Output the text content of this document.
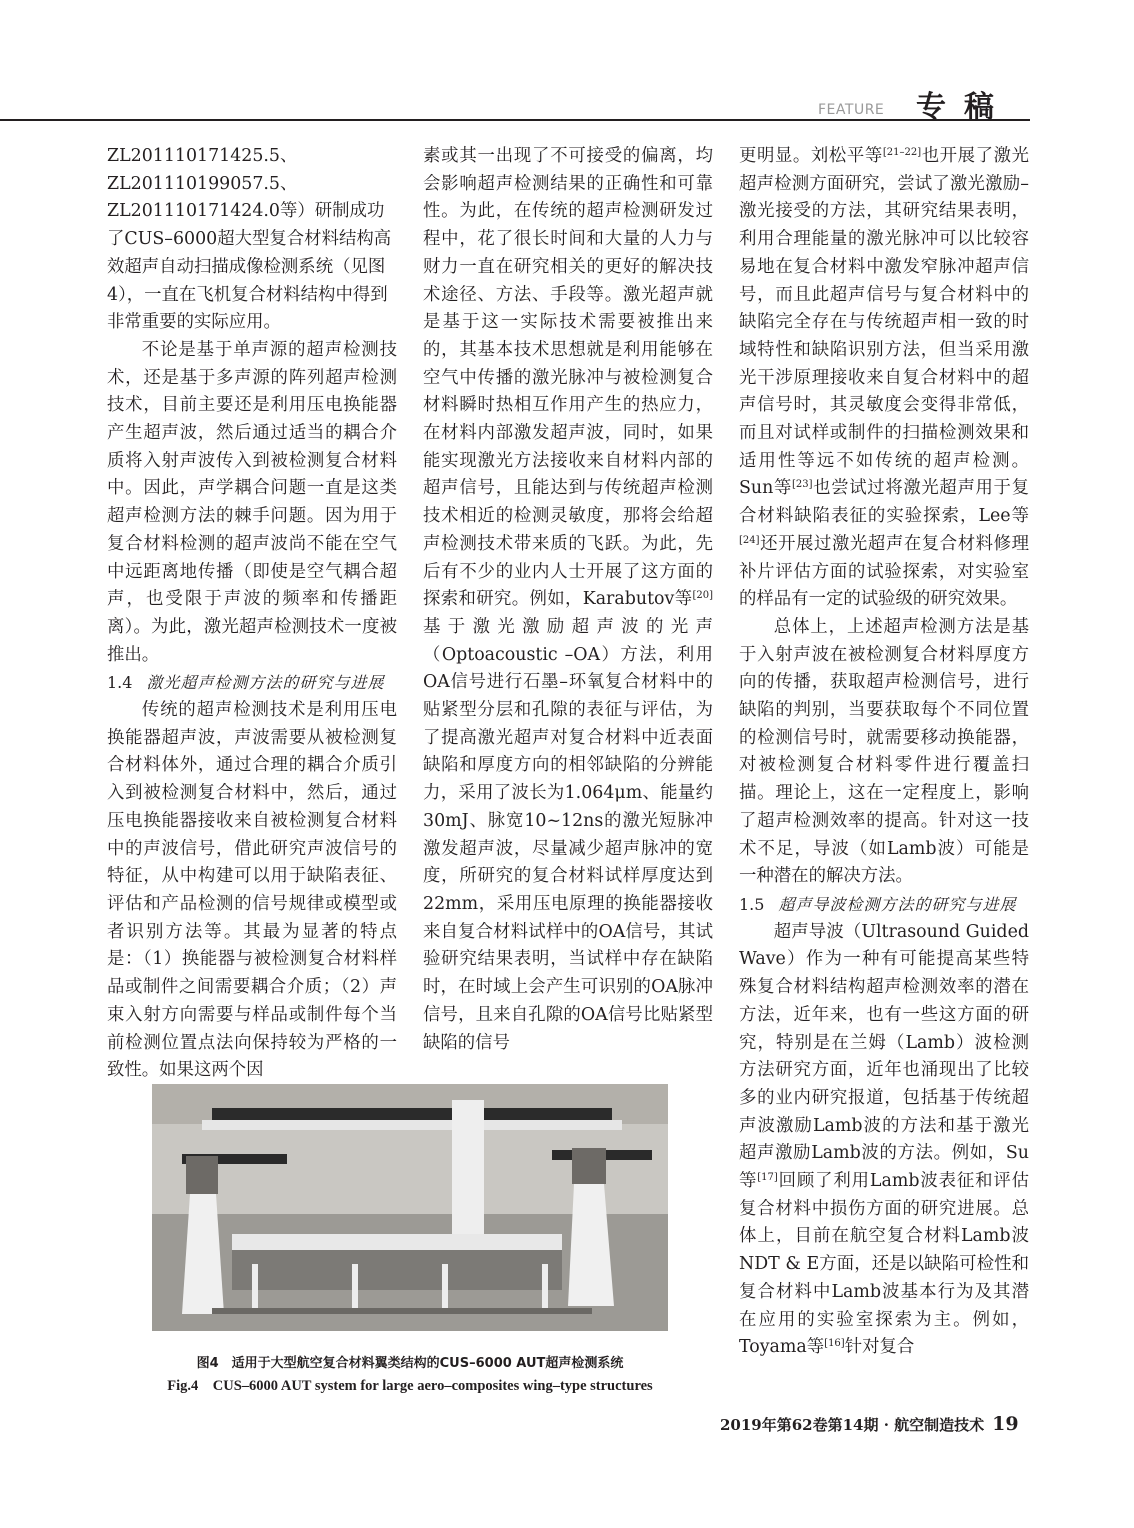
FEATURE 专稿

ZL201110171425.5、ZL201110199057.5、ZL201110171424.0等）研制成功了CUS–6000超大型复合材料结构高效超声自动扫描成像检测系统（见图4），一直在飞机复合材料结构中得到非常重要的实际应用。

不论是基于单声源的超声检测技术，还是基于多声源的阵列超声检测技术，目前主要还是利用压电换能器产生超声波，然后通过适当的耦合介质将入射声波传入到被检测复合材料中。因此，声学耦合问题一直是这类超声检测方法的棘手问题。因为用于复合材料检测的超声波尚不能在空气中远距离地传播（即使是空气耦合超声，也受限于声波的频率和传播距离）。为此，激光超声检测技术一度被推出。

1.4 激光超声检测方法的研究与进展

传统的超声检测技术是利用压电换能器超声波，声波需要从被检测复合材料体外，通过合理的耦合介质引入到被检测复合材料中，然后，通过压电换能器接收来自被检测复合材料中的声波信号，借此研究声波信号的特征，从中构建可以用于缺陷表征、评估和产品检测的信号规律或模型或者识别方法等。其最为显著的特点是：（1）换能器与被检测复合材料样品或制件之间需要耦合介质；（2）声束入射方向需要与样品或制件每个当前检测位置点法向保持较为严格的一致性。如果这两个因

素或其一出现了不可接受的偏离，均会影响超声检测结果的正确性和可靠性。为此，在传统的超声检测研发过程中，花了很长时间和大量的人力与财力一直在研究相关的更好的解决技术途径、方法、手段等。激光超声就是基于这一实际技术需要被推出来的，其基本技术思想就是利用能够在空气中传播的激光脉冲与被检测复合材料瞬时热相互作用产生的热应力，在材料内部激发超声波，同时，如果能实现激光方法接收来自材料内部的超声信号，且能达到与传统超声检测技术相近的检测灵敏度，那将会给超声检测技术带来质的飞跃。为此，先后有不少的业内人士开展了这方面的探索和研究。例如，Karabutov等[20]基于激光激励超声波的光声（Optoacoustic –OA）方法，利用OA信号进行石墨–环氧复合材料中的贴紧型分层和孔隙的表征与评估，为了提高激光超声对复合材料中近表面缺陷和厚度方向的相邻缺陷的分辨能力，采用了波长为1.064μm、能量约30mJ、脉宽10~12ns的激光短脉冲激发超声波，尽量减少超声脉冲的宽度，所研究的复合材料试样厚度达到22mm，采用压电原理的换能器接收来自复合材料试样中的OA信号，其试验研究结果表明，当试样中存在缺陷时，在时域上会产生可识别的OA脉冲信号，且来自孔隙的OA信号比贴紧型缺陷的信号

更明显。刘松平等[21–22]也开展了激光超声检测方面研究，尝试了激光激励–激光接受的方法，其研究结果表明，利用合理能量的激光脉冲可以比较容易地在复合材料中激发窄脉冲超声信号，而且此超声信号与复合材料中的缺陷完全存在与传统超声相一致的时域特性和缺陷识别方法，但当采用激光干涉原理接收来自复合材料中的超声信号时，其灵敏度会变得非常低，而且对试样或制件的扫描检测效果和适用性等远不如传统的超声检测。Sun等[23]也尝试过将激光超声用于复合材料缺陷表征的实验探索，Lee等[24]还开展过激光超声在复合材料修理补片评估方面的试验探索，对实验室的样品有一定的试验级的研究效果。

总体上，上述超声检测方法是基于入射声波在被检测复合材料厚度方向的传播，获取超声检测信号，进行缺陷的判别，当要获取每个不同位置的检测信号时，就需要移动换能器，对被检测复合材料零件进行覆盖扫描。理论上，这在一定程度上，影响了超声检测效率的提高。针对这一技术不足，导波（如Lamb波）可能是一种潜在的解决方法。

1.5 超声导波检测方法的研究与进展

超声导波（Ultrasound Guided Wave）作为一种有可能提高某些特殊复合材料结构超声检测效率的潜在方法，近年来，也有一些这方面的研究，特别是在兰姆（Lamb）波检测方法研究方面，近年也涌现出了比较多的业内研究报道，包括基于传统超声波激励Lamb波的方法和基于激光超声激励Lamb波的方法。例如，Su等[17]回顾了利用Lamb波表征和评估复合材料中损伤方面的研究进展。总体上，目前在航空复合材料Lamb波NDT & E方面，还是以缺陷可检性和复合材料中Lamb波基本行为及其潜在应用的实验室探索为主。例如，Toyama等[16]针对复合

图4　适用于大型航空复合材料翼类结构的CUS–6000 AUT超声检测系统
Fig.4　CUS–6000 AUT system for large aero–composites wing–type structures
2019年第62卷第14期 · 航空制造技术 19
